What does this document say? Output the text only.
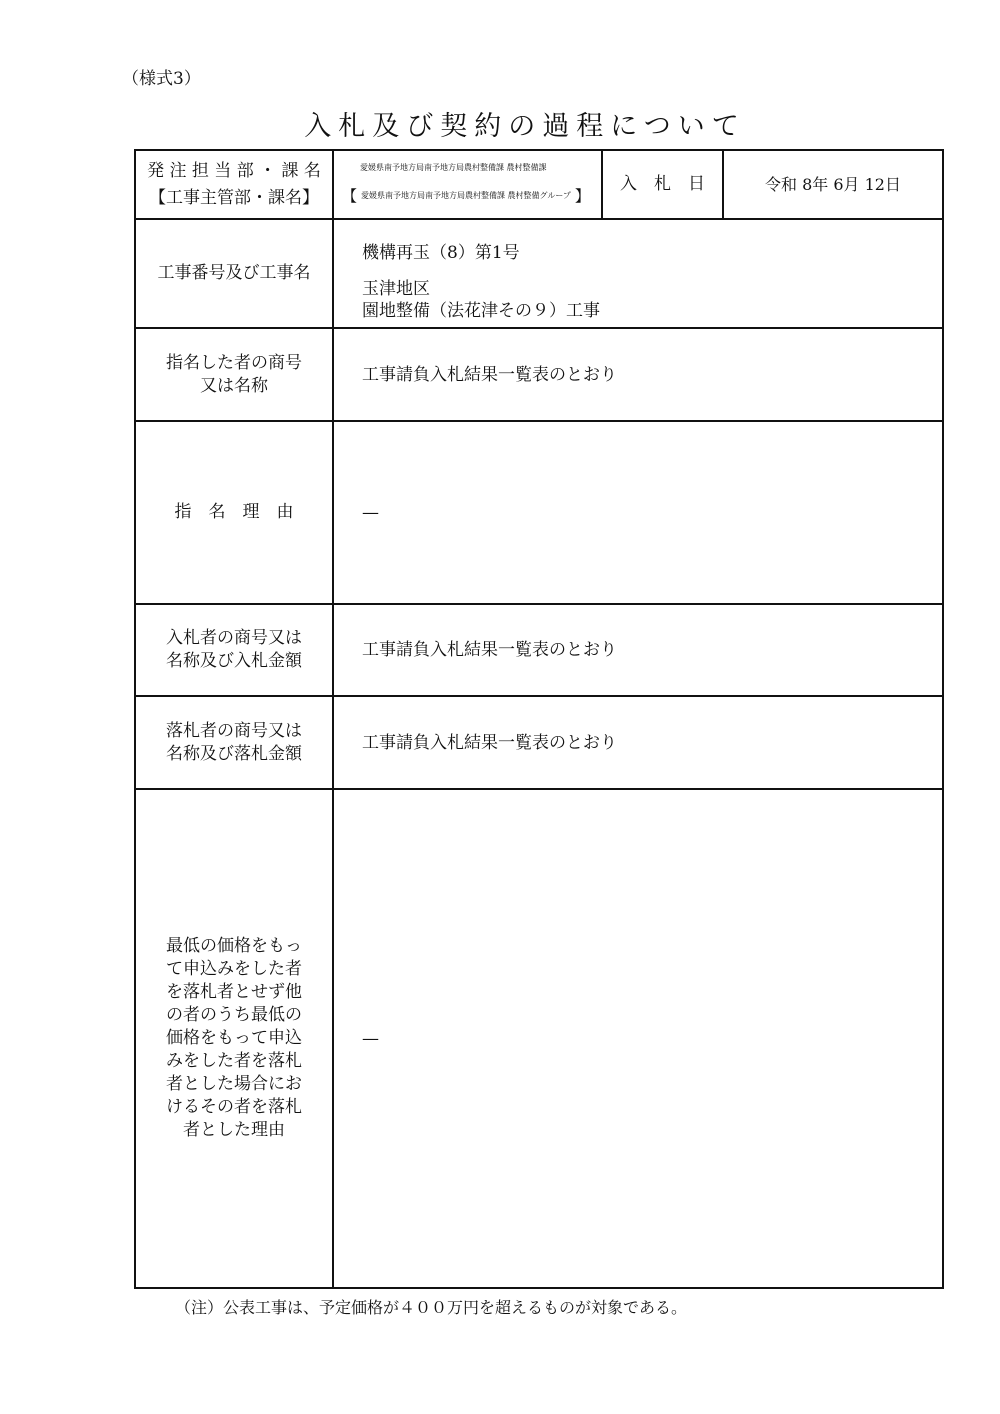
（様式3）
入札及び契約の過程について
発 注 担 当 部 ・ 課 名
【工事主管部・課名】
愛媛県南予地方局南予地方局農村整備課 農村整備課
【 愛媛県南予地方局南予地方局農村整備課 農村整備グループ 】
入　札　日	令和 8年 6月 12日
工事番号及び工事名
機構再玉（8）第1号
玉津地区
園地整備（法花津その９）工事
指名した者の商号
又は名称
工事請負入札結果一覧表のとおり
指　名　理　由	—
入札者の商号又は
名称及び入札金額
工事請負入札結果一覧表のとおり
落札者の商号又は
名称及び落札金額
工事請負入札結果一覧表のとおり
最低の価格をもっ
て申込みをした者
を落札者とせず他
の者のうち最低の
価格をもって申込
みをした者を落札
者とした場合にお
けるその者を落札
者とした理由
—
（注）公表工事は、予定価格が４００万円を超えるものが対象である。
